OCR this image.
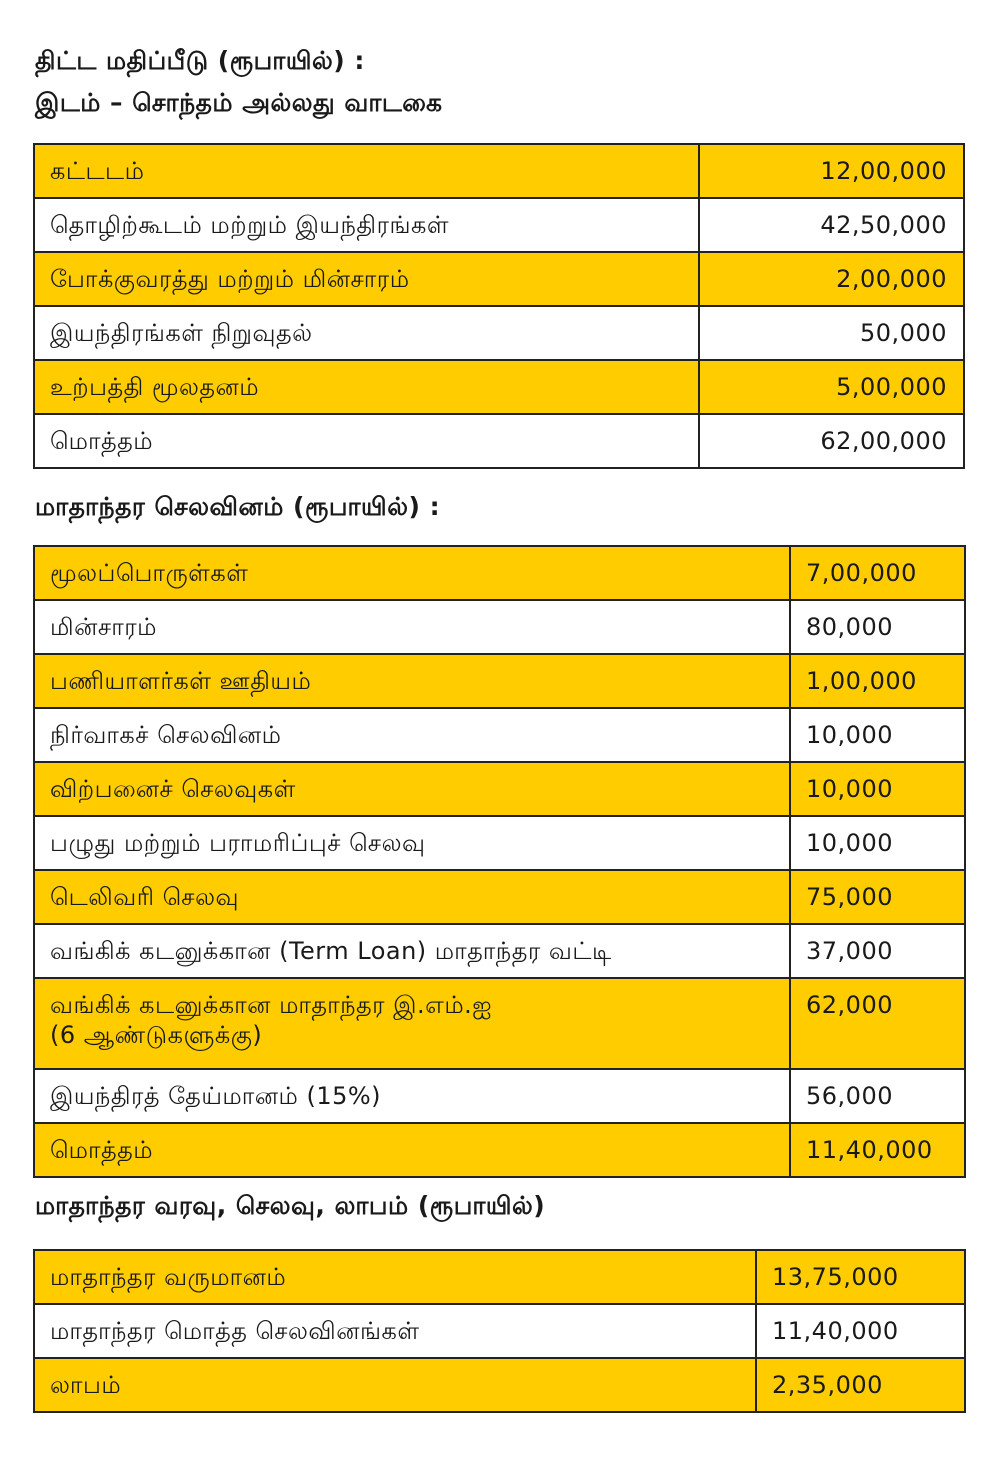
திட்ட மதிப்பீடு (ரூபாயில்) :
இடம் – சொந்தம் அல்லது வாடகை
கட்டடம்	12,00,000
தொழிற்கூடம் மற்றும் இயந்திரங்கள்	42,50,000
போக்குவரத்து மற்றும் மின்சாரம்	2,00,000
இயந்திரங்கள் நிறுவுதல்	50,000
உற்பத்தி மூலதனம்	5,00,000
மொத்தம்	62,00,000
மாதாந்தர செலவினம் (ரூபாயில்) :
மூலப்பொருள்கள்	7,00,000
மின்சாரம்	80,000
பணியாளர்கள் ஊதியம்	1,00,000
நிர்வாகச் செலவினம்	10,000
விற்பனைச் செலவுகள்	10,000
பழுது மற்றும் பராமரிப்புச் செலவு	10,000
டெலிவரி செலவு	75,000
வங்கிக் கடனுக்கான (Term Loan) மாதாந்தர வட்டி	37,000
வங்கிக் கடனுக்கான மாதாந்தர இ.எம்.ஐ
(6 ஆண்டுகளுக்கு)	62,000
இயந்திரத் தேய்மானம் (15%)	56,000
மொத்தம்	11,40,000
மாதாந்தர வரவு, செலவு, லாபம் (ரூபாயில்)
மாதாந்தர வருமானம்	13,75,000
மாதாந்தர மொத்த செலவினங்கள்	11,40,000
லாபம்	2,35,000
